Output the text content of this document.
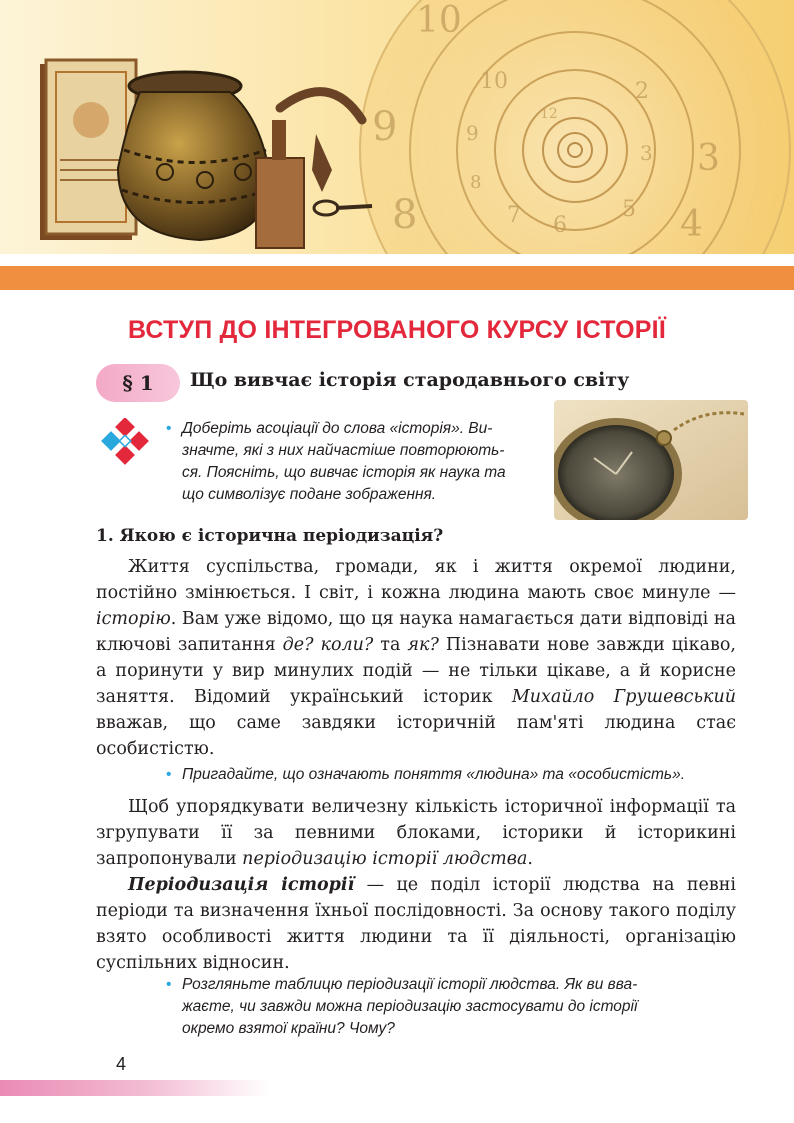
9
8
10
10
9
8
7 6
5
3 3
4
2
12
ВСТУП ДО ІНТЕГРОВАНОГО КУРСУ ІСТОРІЇ
§ 1	Що вивчає історія стародавнього світу
• Доберіть асоціації до слова «історія». Ви-
значте, які з них найчастіше повторюють-
ся. Поясніть, що вивчає історія як наука та
що символізує подане зображення.
1. Якою є історична періодизація?
Життя суспільства, громади, як і життя окремої людини, постійно змінюється. І світ, і кожна людина мають своє минуле — історію. Вам уже відомо, що ця наука намагається дати відповіді на ключові запитання де? коли? та як? Пізнавати нове завжди цікаво, а поринути у вир минулих подій — не тільки цікаве, а й корисне заняття. Відомий український історик Михайло Грушевський вважав, що саме завдяки історичній пам'яті людина стає особистістю.
• Пригадайте, що означають поняття «людина» та «особистість».
Щоб упорядкувати величезну кількість історичної інформації та згрупувати її за певними блоками, історики й історикині запропонували періодизацію історії людства.
Періодизація історії — це поділ історії людства на певні періоди та визначення їхньої послідовності. За основу такого поділу взято особливості життя людини та її діяльності, організацію суспільних відносин.
• Розгляньте таблицю періодизації історії людства. Як ви вва-
жаєте, чи завжди можна періодизацію застосувати до історії
окремо взятої країни? Чому?
4
